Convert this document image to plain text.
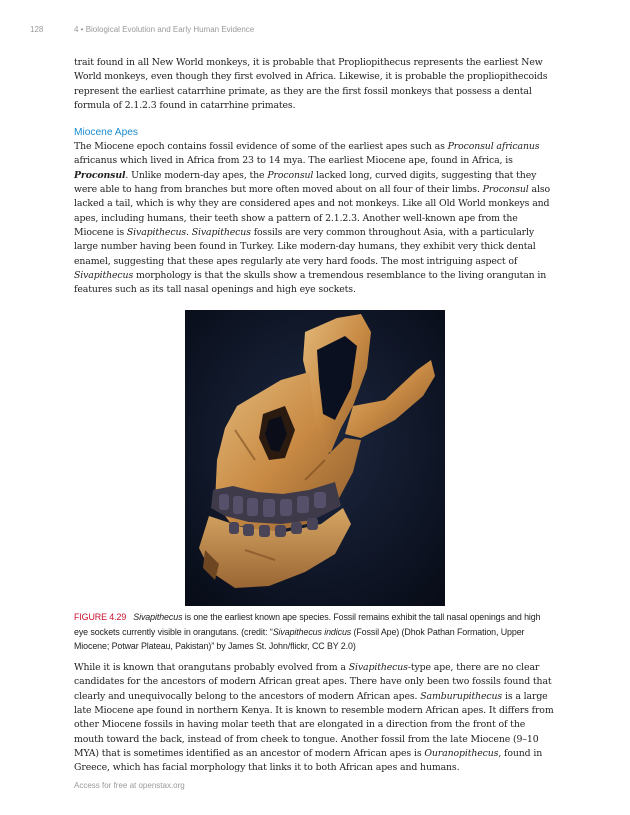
128	4 • Biological Evolution and Early Human Evidence

trait found in all New World monkeys, it is probable that Propliopithecus represents the earliest New World monkeys, even though they first evolved in Africa. Likewise, it is probable the propliopithecoids represent the earliest catarrhine primate, as they are the first fossil monkeys that possess a dental formula of 2.1.2.3 found in catarrhine primates.

Miocene Apes

The Miocene epoch contains fossil evidence of some of the earliest apes such as Proconsul africanus africanus which lived in Africa from 23 to 14 mya. The earliest Miocene ape, found in Africa, is Proconsul. Unlike modern-day apes, the Proconsul lacked long, curved digits, suggesting that they were able to hang from branches but more often moved about on all four of their limbs. Proconsul also lacked a tail, which is why they are considered apes and not monkeys. Like all Old World monkeys and apes, including humans, their teeth show a pattern of 2.1.2.3. Another well-known ape from the Miocene is Sivapithecus. Sivapithecus fossils are very common throughout Asia, with a particularly large number having been found in Turkey. Like modern-day humans, they exhibit very thick dental enamel, suggesting that these apes regularly ate very hard foods. The most intriguing aspect of Sivapithecus morphology is that the skulls show a tremendous resemblance to the living orangutan in features such as its tall nasal openings and high eye sockets.

FIGURE 4.29 Sivapithecus is one the earliest known ape species. Fossil remains exhibit the tall nasal openings and high eye sockets currently visible in orangutans. (credit: “Sivapithecus indicus (Fossil Ape) (Dhok Pathan Formation, Upper Miocene; Potwar Plateau, Pakistan)” by James St. John/flickr, CC BY 2.0)

While it is known that orangutans probably evolved from a Sivapithecus-type ape, there are no clear candidates for the ancestors of modern African great apes. There have only been two fossils found that clearly and unequivocally belong to the ancestors of modern African apes. Samburupithecus is a large late Miocene ape found in northern Kenya. It is known to resemble modern African apes. It differs from other Miocene fossils in having molar teeth that are elongated in a direction from the front of the mouth toward the back, instead of from cheek to tongue. Another fossil from the late Miocene (9–10 MYA) that is sometimes identified as an ancestor of modern African apes is Ouranopithecus, found in Greece, which has facial morphology that links it to both African apes and humans.

Access for free at openstax.org
